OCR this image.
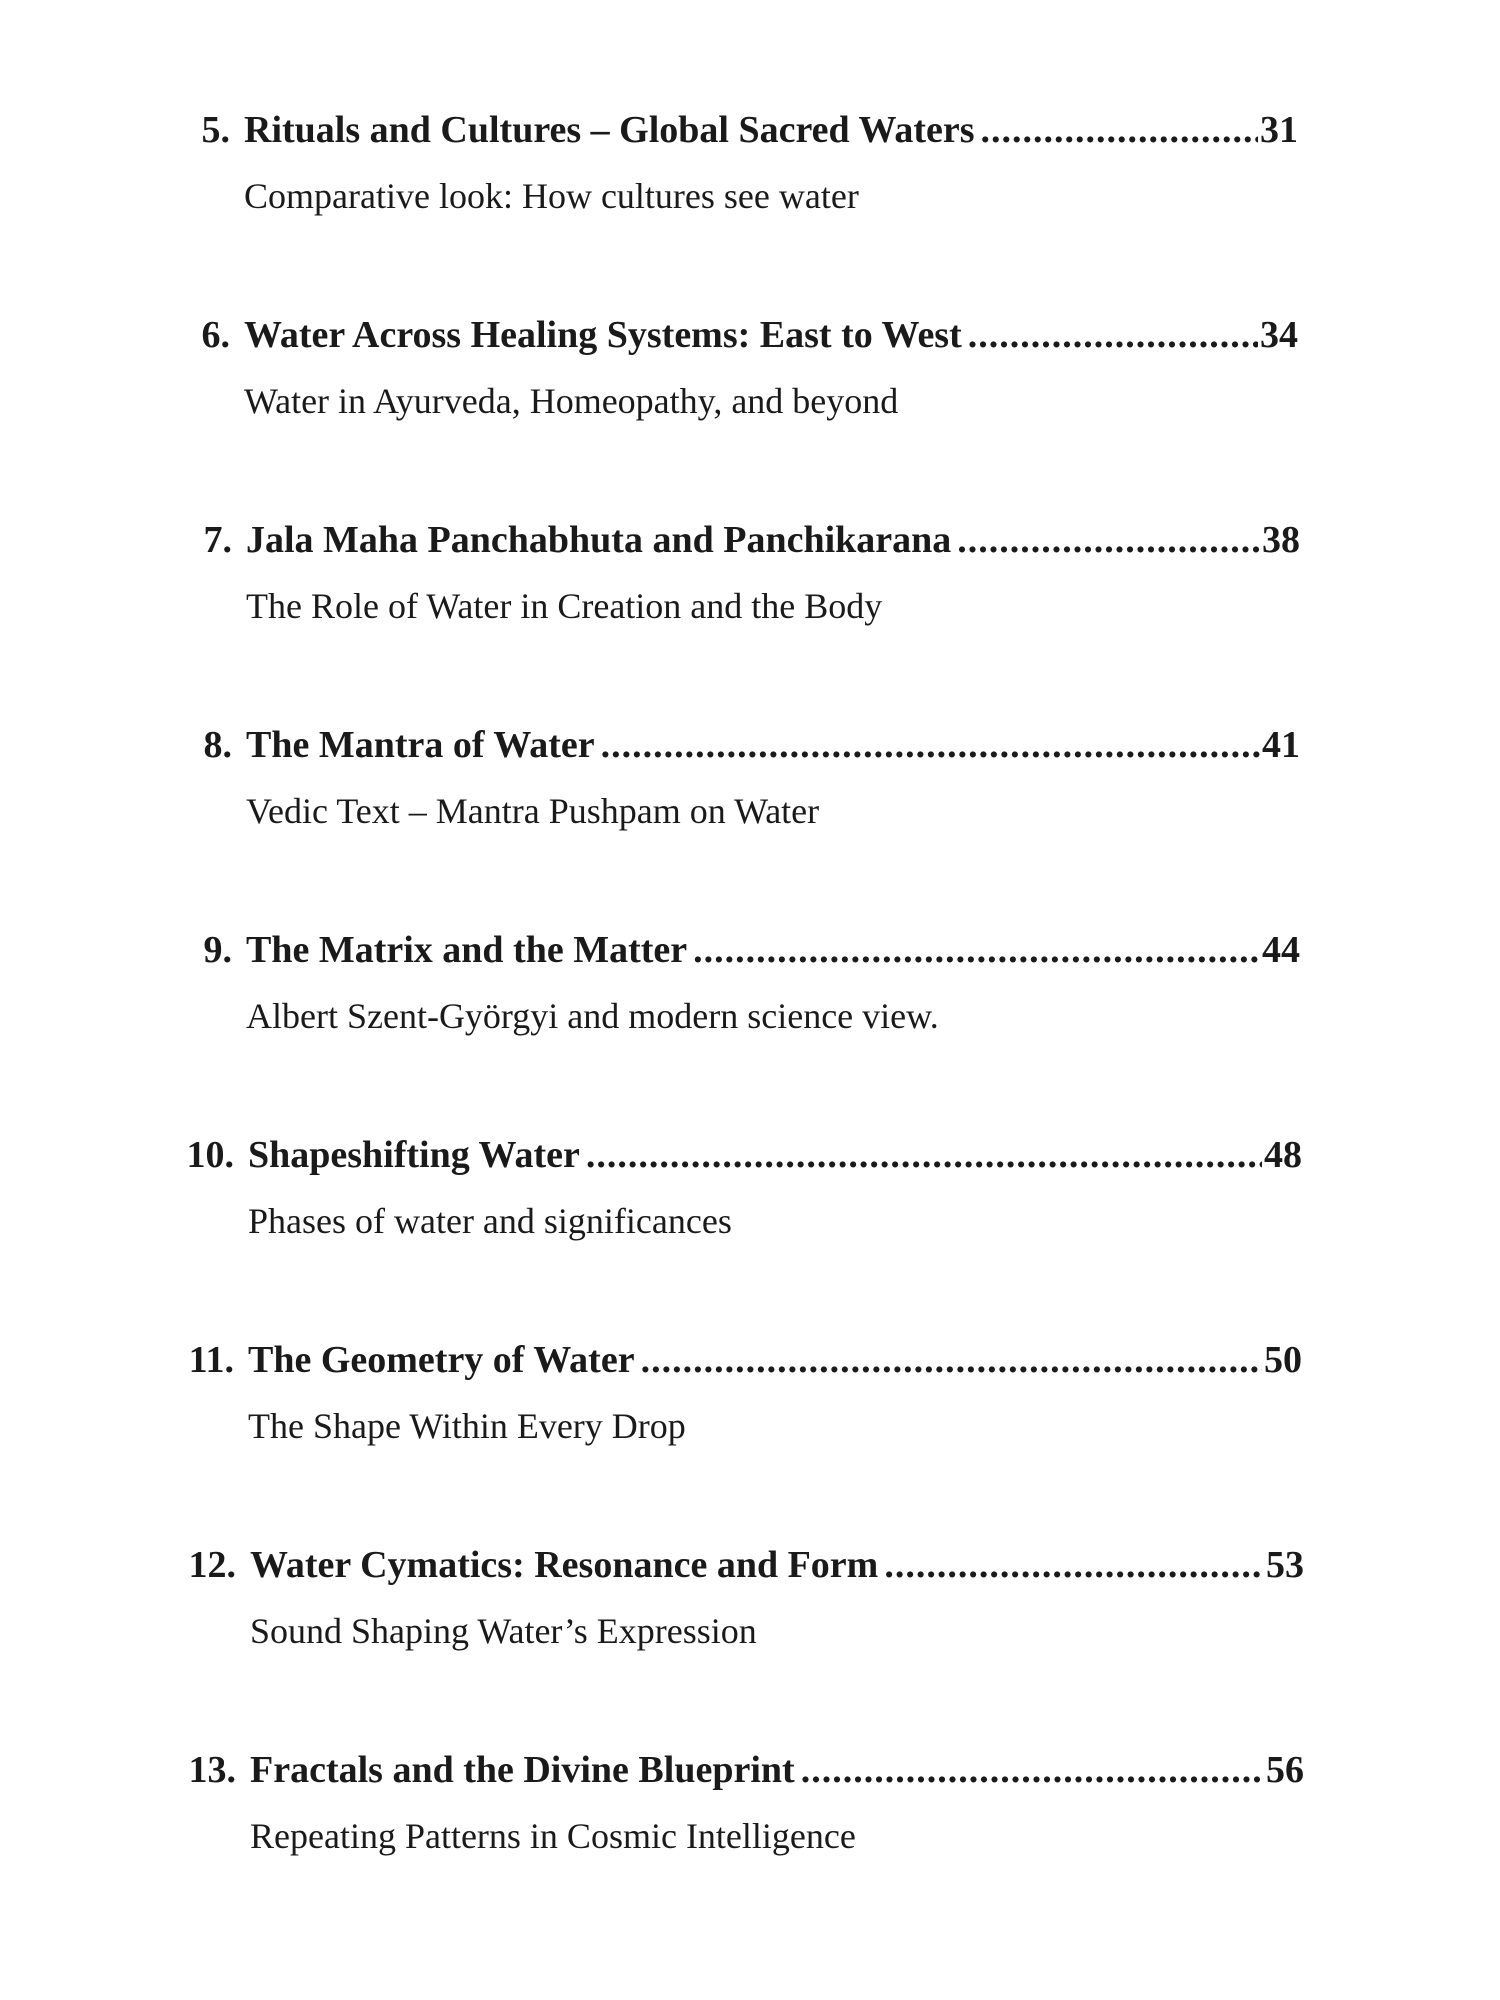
5. Rituals and Cultures – Global Sacred Waters .....	31
Comparative look: How cultures see water
6. Water Across Healing Systems: East to West .....	34
Water in Ayurveda, Homeopathy, and beyond
7. Jala Maha Panchabhuta and Panchikarana .....	38
The Role of Water in Creation and the Body
8. The Mantra of Water .....	41
Vedic Text – Mantra Pushpam on Water
9. The Matrix and the Matter .....	44
Albert Szent-Györgyi and modern science view.
10. Shapeshifting Water .....	48
Phases of water and significances
11. The Geometry of Water .....	50
The Shape Within Every Drop
12. Water Cymatics: Resonance and Form .....	53
Sound Shaping Water’s Expression
13. Fractals and the Divine Blueprint .....	56
Repeating Patterns in Cosmic Intelligence
